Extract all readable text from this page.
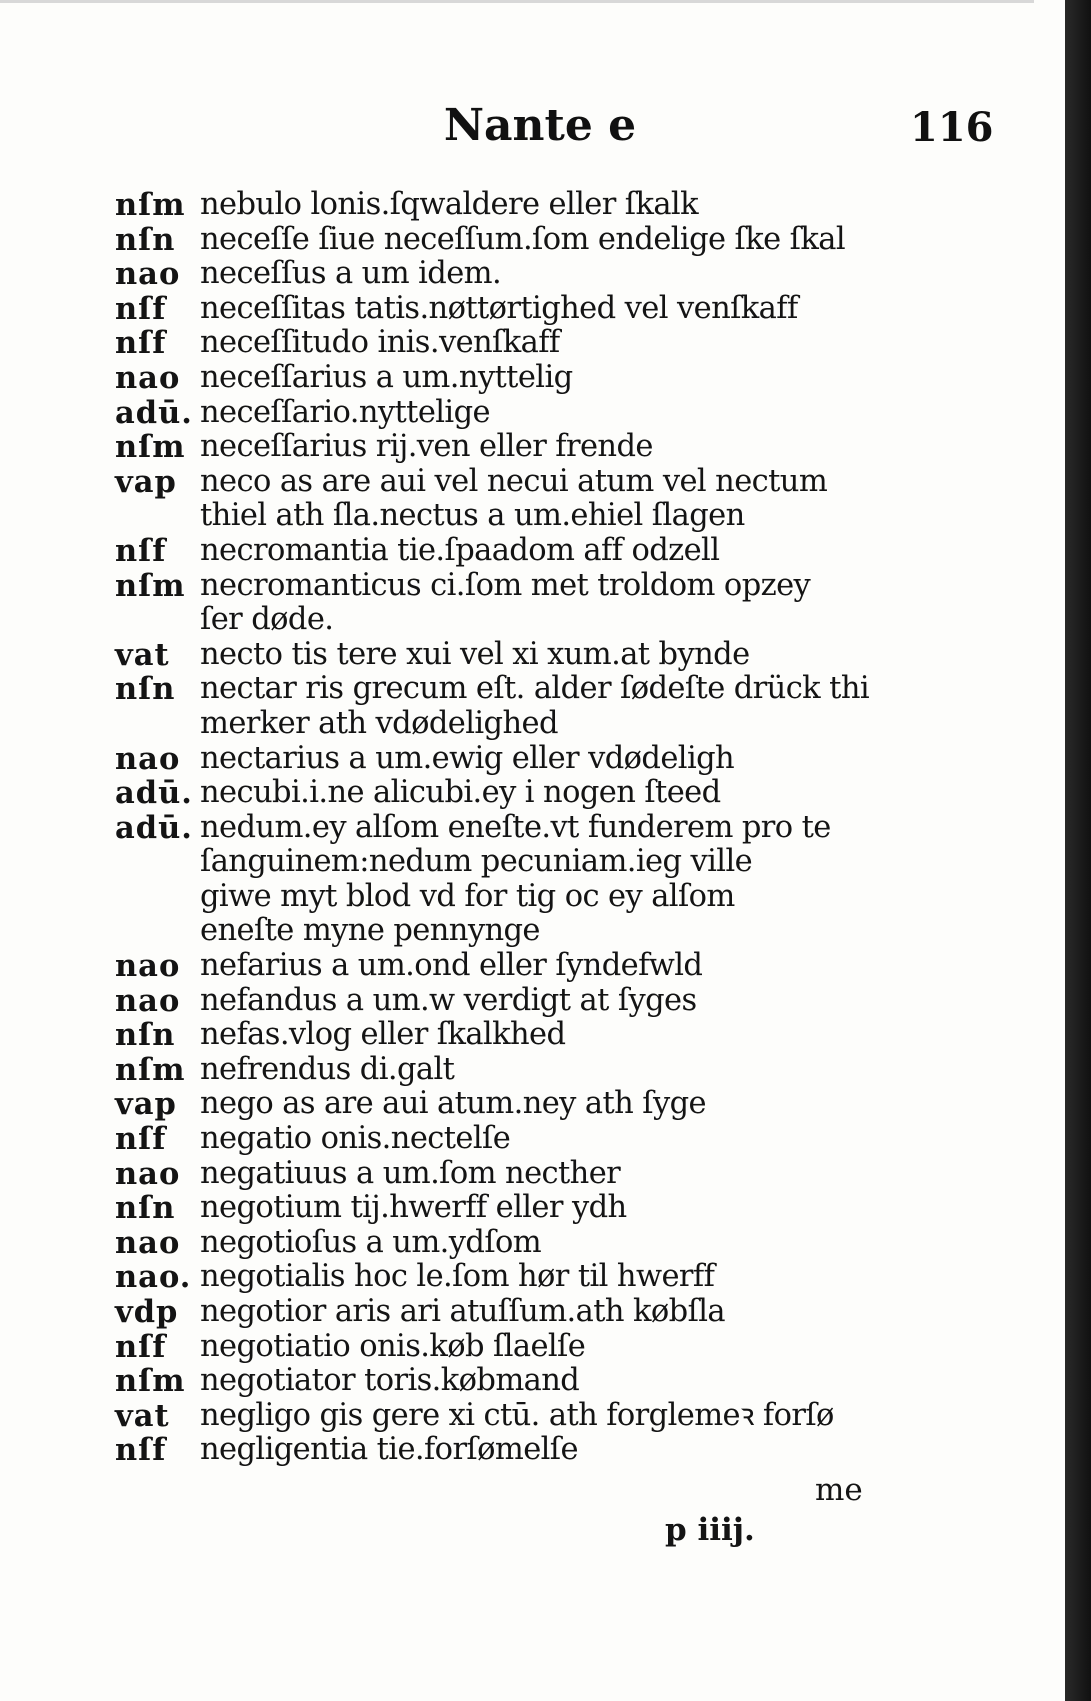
Nante e	116
nſm nebulo lonis.ſqwaldere eller ſkalk
nſn neceſſe ſiue neceſſum.ſom endelige ſke ſkal
nao neceſſus a um idem.
nſf	neceſſitas tatis.nøttørtighed vel venſkaff
nſf	neceſſitudo inis.venſkaff
nao neceſſarius a um.nyttelig
adū. neceſſario.nyttelige
nſm neceſſarius rij.ven eller frende
vap neco as are aui vel necui atum vel nectum
thiel ath ſla.nectus a um.ehiel ſlagen
nſf	necromantia tie.ſpaadom aff odzell
nſm necromanticus ci.ſom met troldom opzey
ſer døde.
vat necto tis tere xui vel xi xum.at bynde
nſn nectar ris grecum eſt. alder ſødeſte drück thi
merker ath vdødelighed
nao nectarius a um.ewig eller vdødeligh
adū. necubi.i.ne alicubi.ey i nogen ſteed
adū. nedum.ey alſom eneſte.vt funderem pro te
ſanguinem:nedum pecuniam.ieg ville
giwe myt blod vd for tig oc ey alſom
eneſte myne pennynge
nao nefarius a um.ond eller ſyndefwld
nao nefandus a um.w verdigt at ſyges
nſn nefas.vlog eller ſkalkhed
nſm nefrendus di.galt
vap nego as are aui atum.ney ath ſyge
nſf	negatio onis.nectelſe
nao negatiuus a um.ſom necther
nſn negotium tij.hwerff eller ydh
nao negotioſus a um.ydſom
nao. negotialis hoc le.ſom hør til hwerff
vdp negotior aris ari atuſſum.ath købſla
nſf	negotiatio onis.køb ſlaelſe
nſm negotiator toris.købmand
vat negligo gis gere xi ctū. ath forglemeꝛ forſø
nſf	negligentia tie.forſømelſe
me
p iiij.
